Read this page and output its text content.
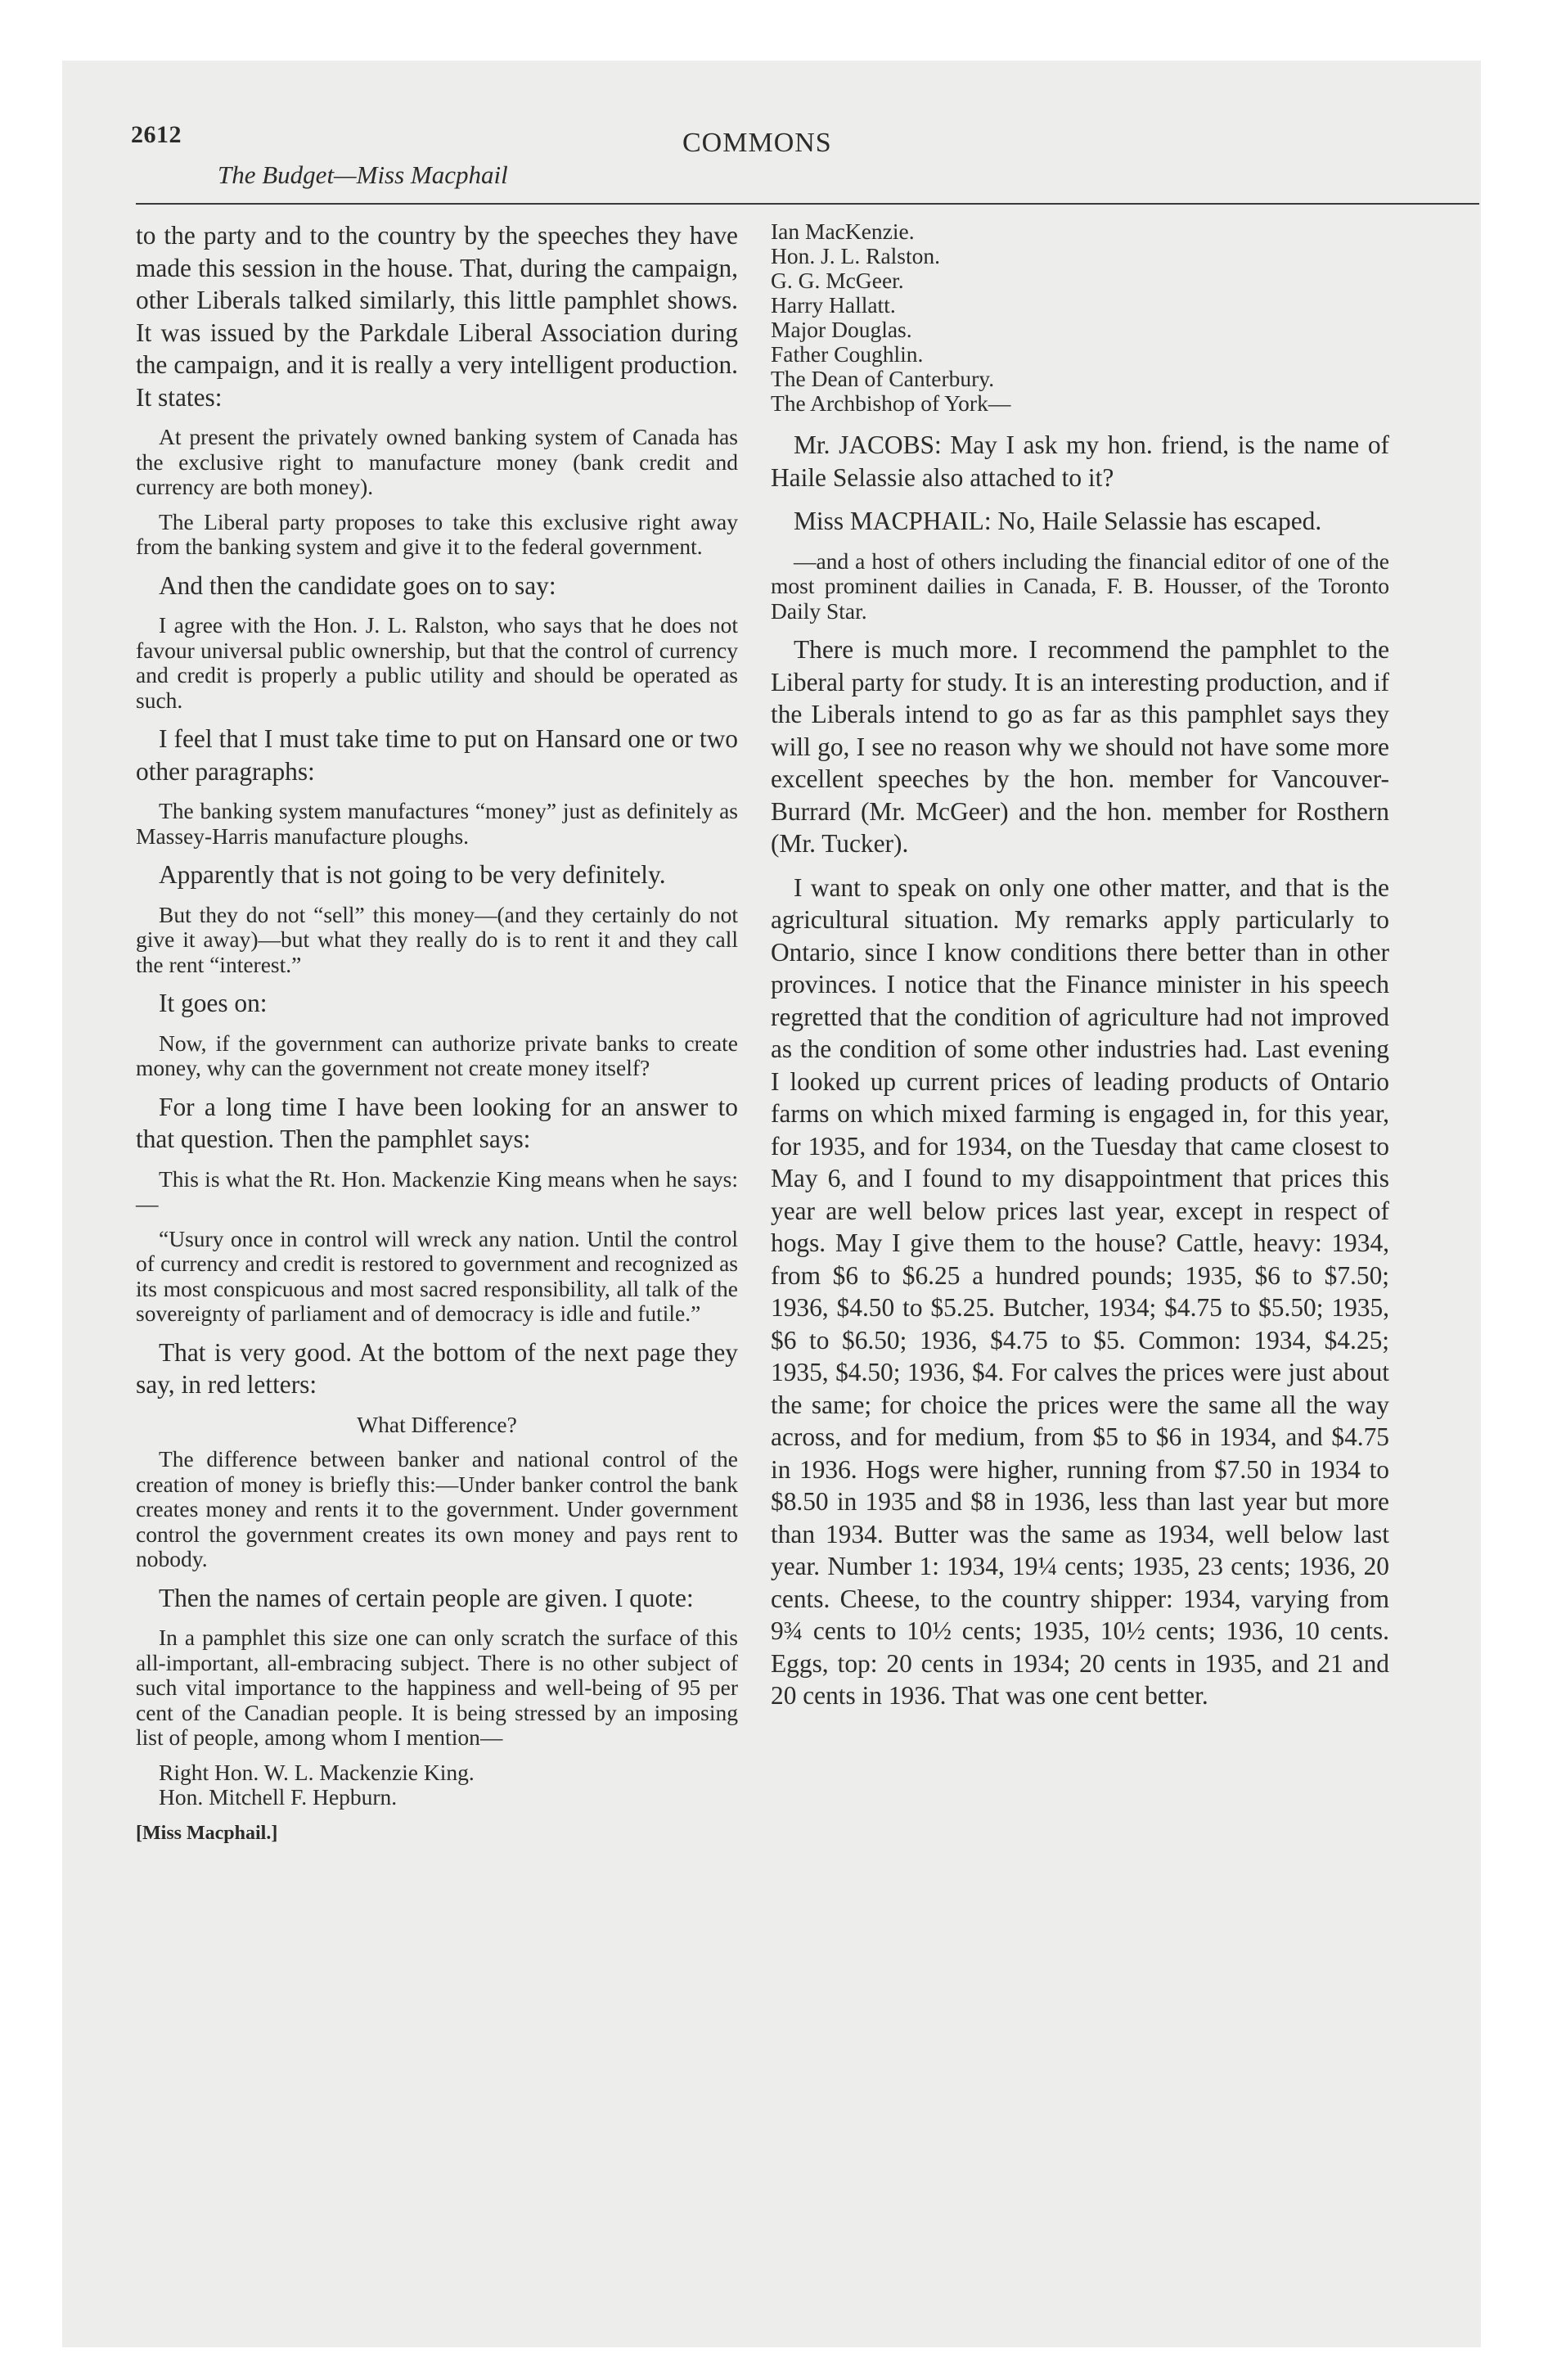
2612
The Budget—Miss Macphail
COMMONS
to the party and to the country by the speeches they have made this session in the house. That, during the campaign, other Liberals talked similarly, this little pamphlet shows. It was issued by the Parkdale Liberal Association during the campaign, and it is really a very intelligent production. It states:
At present the privately owned banking system of Canada has the exclusive right to manufacture money (bank credit and currency are both money).
The Liberal party proposes to take this exclusive right away from the banking system and give it to the federal government.
And then the candidate goes on to say:
I agree with the Hon. J. L. Ralston, who says that he does not favour universal public ownership, but that the control of currency and credit is properly a public utility and should be operated as such.
I feel that I must take time to put on Hansard one or two other paragraphs:
The banking system manufactures “money” just as definitely as Massey-Harris manufacture ploughs.
Apparently that is not going to be very definitely.
But they do not “sell” this money—(and they certainly do not give it away)—but what they really do is to rent it and they call the rent “interest.”
It goes on:
Now, if the government can authorize private banks to create money, why can the government not create money itself?
For a long time I have been looking for an answer to that question. Then the pamphlet says:
This is what the Rt. Hon. Mackenzie King means when he says:—
“Usury once in control will wreck any nation. Until the control of currency and credit is restored to government and recognized as its most conspicuous and most sacred responsibility, all talk of the sovereignty of parliament and of democracy is idle and futile.”
That is very good. At the bottom of the next page they say, in red letters:
What Difference?
The difference between banker and national control of the creation of money is briefly this:—Under banker control the bank creates money and rents it to the government. Under government control the government creates its own money and pays rent to nobody.
Then the names of certain people are given. I quote:
In a pamphlet this size one can only scratch the surface of this all-important, all-embracing subject. There is no other subject of such vital importance to the happiness and well-being of 95 per cent of the Canadian people. It is being stressed by an imposing list of people, among whom I mention—
Right Hon. W. L. Mackenzie King.
Hon. Mitchell F. Hepburn.
[Miss Macphail.]
Ian MacKenzie.
Hon. J. L. Ralston.
G. G. McGeer.
Harry Hallatt.
Major Douglas.
Father Coughlin.
The Dean of Canterbury.
The Archbishop of York—
Mr. JACOBS: May I ask my hon. friend, is the name of Haile Selassie also attached to it?
Miss MACPHAIL: No, Haile Selassie has escaped.
—and a host of others including the financial editor of one of the most prominent dailies in Canada, F. B. Housser, of the Toronto Daily Star.
There is much more. I recommend the pamphlet to the Liberal party for study. It is an interesting production, and if the Liberals intend to go as far as this pamphlet says they will go, I see no reason why we should not have some more excellent speeches by the hon. member for Vancouver-Burrard (Mr. McGeer) and the hon. member for Rosthern (Mr. Tucker).
I want to speak on only one other matter, and that is the agricultural situation. My remarks apply particularly to Ontario, since I know conditions there better than in other provinces. I notice that the Finance minister in his speech regretted that the condition of agriculture had not improved as the condition of some other industries had. Last evening I looked up current prices of leading products of Ontario farms on which mixed farming is engaged in, for this year, for 1935, and for 1934, on the Tuesday that came closest to May 6, and I found to my disappointment that prices this year are well below prices last year, except in respect of hogs. May I give them to the house? Cattle, heavy: 1934, from $6 to $6.25 a hundred pounds; 1935, $6 to $7.50; 1936, $4.50 to $5.25. Butcher, 1934; $4.75 to $5.50; 1935, $6 to $6.50; 1936, $4.75 to $5. Common: 1934, $4.25; 1935, $4.50; 1936, $4. For calves the prices were just about the same; for choice the prices were the same all the way across, and for medium, from $5 to $6 in 1934, and $4.75 in 1936. Hogs were higher, running from $7.50 in 1934 to $8.50 in 1935 and $8 in 1936, less than last year but more than 1934. Butter was the same as 1934, well below last year. Number 1: 1934, 19¼ cents; 1935, 23 cents; 1936, 20 cents. Cheese, to the country shipper: 1934, varying from 9¾ cents to 10½ cents; 1935, 10½ cents; 1936, 10 cents. Eggs, top: 20 cents in 1934; 20 cents in 1935, and 21 and 20 cents in 1936. That was one cent better.
